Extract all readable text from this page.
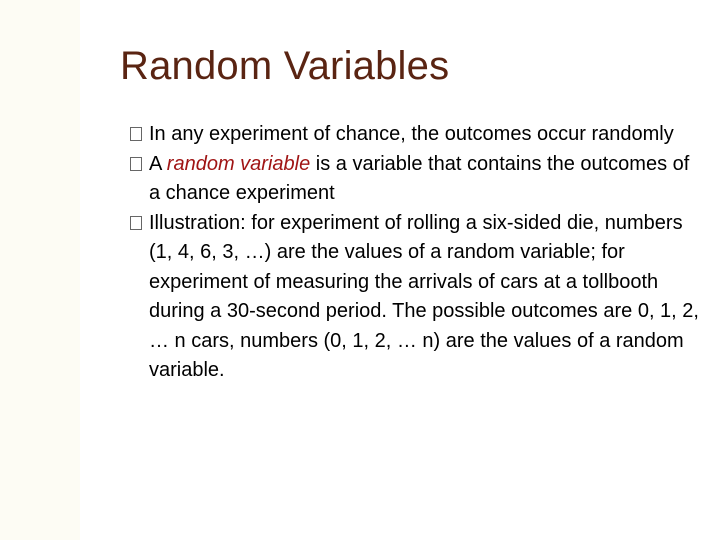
Random Variables
In any experiment of chance, the outcomes occur randomly
A random variable is a variable that contains the outcomes of a chance experiment
Illustration: for experiment of rolling a six-sided die, numbers (1, 4, 6, 3, …) are the values of a random variable; for experiment of measuring the arrivals of cars at a tollbooth during a 30-second period. The possible outcomes are 0, 1, 2, … n cars, numbers (0, 1, 2, … n) are the values of a random variable.
